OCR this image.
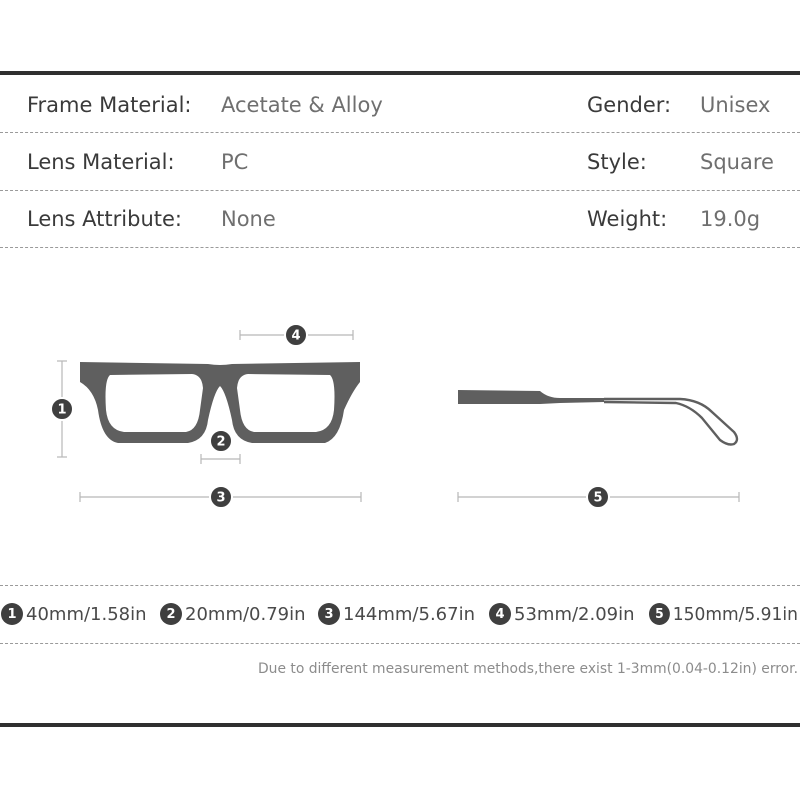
Frame Material: Acetate & Alloy	Gender: Unisex
Lens Material: PC	Style:	Square
Lens Attribute: None	Weight: 19.0g
1
2
3
4
5
1 40mm/1.58in	2 20mm/0.79in	3 144mm/5.67in	4 53mm/2.09in	5 150mm/5.91in
Due to different measurement methods,there exist 1-3mm(0.04-0.12in) error.
